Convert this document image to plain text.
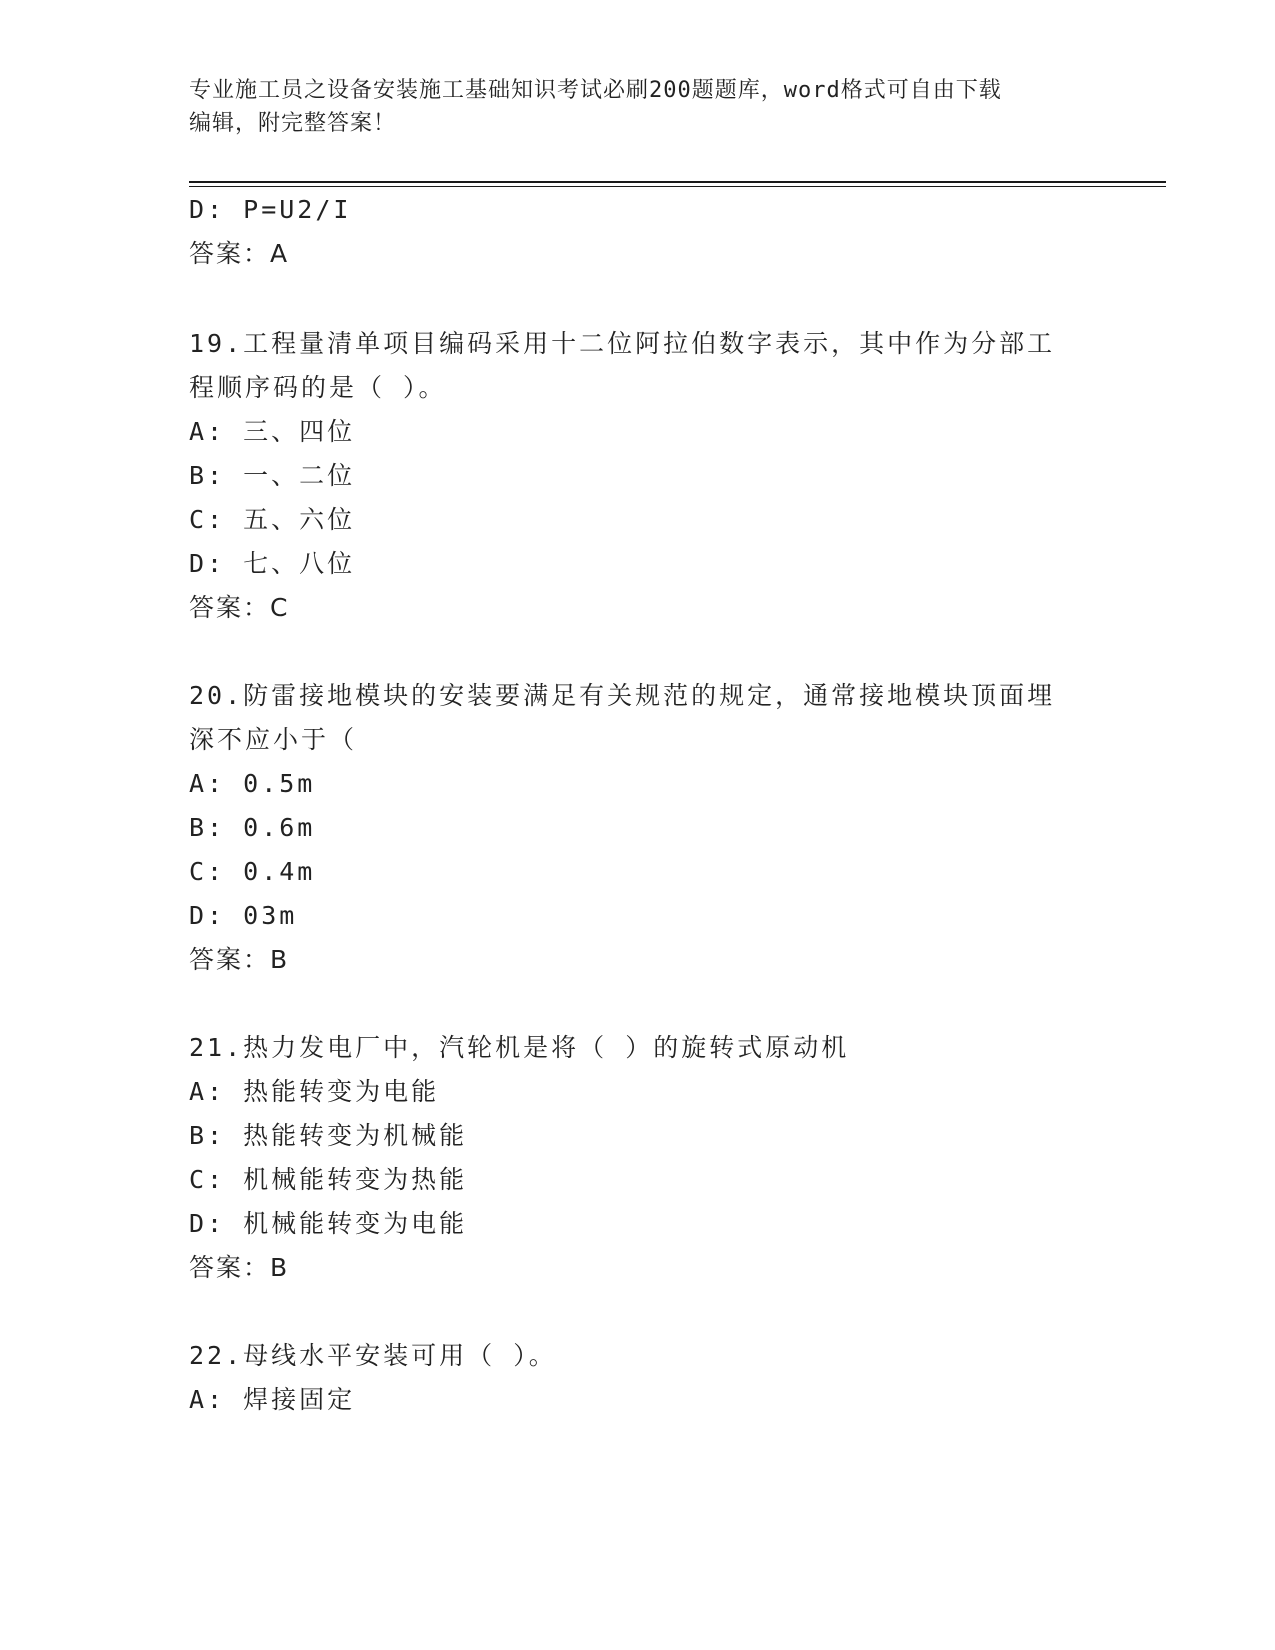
专业施工员之设备安装施工基础知识考试必刷200题题库，word格式可自由下载
编辑，附完整答案！
D: P=U2/I
答案：A
19.工程量清单项目编码采用十二位阿拉伯数字表示，其中作为分部工
程顺序码的是（ ）。
A: 三、四位
B: 一、二位
C: 五、六位
D: 七、八位
答案：C
20.防雷接地模块的安装要满足有关规范的规定，通常接地模块顶面埋
深不应小于（
A: 0.5m
B: 0.6m
C: 0.4m
D: 03m
答案：B
21.热力发电厂中，汽轮机是将（ ）的旋转式原动机
A: 热能转变为电能
B: 热能转变为机械能
C: 机械能转变为热能
D: 机械能转变为电能
答案：B
22.母线水平安装可用（ ）。
A: 焊接固定
